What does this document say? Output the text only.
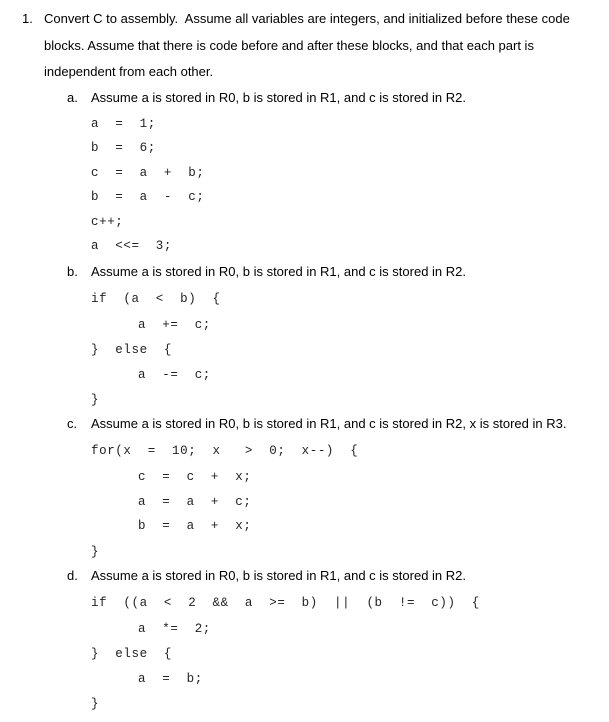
1. Convert C to assembly.  Assume all variables are integers, and initialized before these code
blocks. Assume that there is code before and after these blocks, and that each part is
independent from each other.
a. Assume a is stored in R0, b is stored in R1, and c is stored in R2.
a  =  1;
b  =  6;
c  =  a  +  b;
b  =  a  -  c;
c++;
a  <<=  3;
b. Assume a is stored in R0, b is stored in R1, and c is stored in R2.
if  (a  <  b)  {
a  +=  c;
}  else  {
a  -=  c;
}
c. Assume a is stored in R0, b is stored in R1, and c is stored in R2, x is stored in R3.
for(x  =  10;  x   >  0;  x--)  {
c  =  c  +  x;
a  =  a  +  c;
b  =  a  +  x;
}
d. Assume a is stored in R0, b is stored in R1, and c is stored in R2.
if  ((a  <  2  &&  a  >=  b)  ||  (b  !=  c))  {
a  *=  2;
}  else  {
a  =  b;
}
